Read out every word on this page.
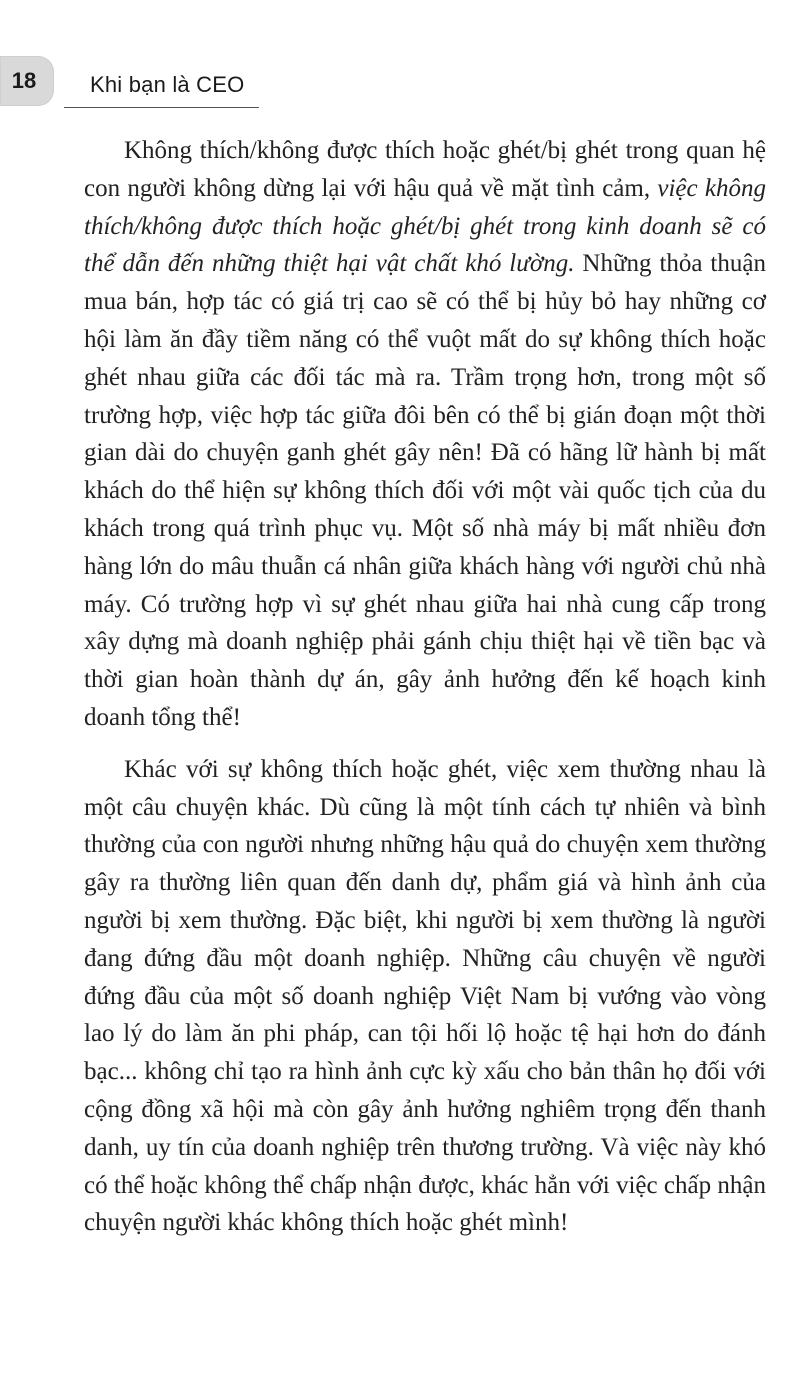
18	Khi bạn là CEO

Không thích/không được thích hoặc ghét/bị ghét trong quan hệ con người không dừng lại với hậu quả về mặt tình cảm, việc không thích/không được thích hoặc ghét/bị ghét trong kinh doanh sẽ có thể dẫn đến những thiệt hại vật chất khó lường. Những thỏa thuận mua bán, hợp tác có giá trị cao sẽ có thể bị hủy bỏ hay những cơ hội làm ăn đầy tiềm năng có thể vuột mất do sự không thích hoặc ghét nhau giữa các đối tác mà ra. Trầm trọng hơn, trong một số trường hợp, việc hợp tác giữa đôi bên có thể bị gián đoạn một thời gian dài do chuyện ganh ghét gây nên! Đã có hãng lữ hành bị mất khách do thể hiện sự không thích đối với một vài quốc tịch của du khách trong quá trình phục vụ. Một số nhà máy bị mất nhiều đơn hàng lớn do mâu thuẫn cá nhân giữa khách hàng với người chủ nhà máy. Có trường hợp vì sự ghét nhau giữa hai nhà cung cấp trong xây dựng mà doanh nghiệp phải gánh chịu thiệt hại về tiền bạc và thời gian hoàn thành dự án, gây ảnh hưởng đến kế hoạch kinh doanh tổng thể!

Khác với sự không thích hoặc ghét, việc xem thường nhau là một câu chuyện khác. Dù cũng là một tính cách tự nhiên và bình thường của con người nhưng những hậu quả do chuyện xem thường gây ra thường liên quan đến danh dự, phẩm giá và hình ảnh của người bị xem thường. Đặc biệt, khi người bị xem thường là người đang đứng đầu một doanh nghiệp. Những câu chuyện về người đứng đầu của một số doanh nghiệp Việt Nam bị vướng vào vòng lao lý do làm ăn phi pháp, can tội hối lộ hoặc tệ hại hơn do đánh bạc... không chỉ tạo ra hình ảnh cực kỳ xấu cho bản thân họ đối với cộng đồng xã hội mà còn gây ảnh hưởng nghiêm trọng đến thanh danh, uy tín của doanh nghiệp trên thương trường. Và việc này khó có thể hoặc không thể chấp nhận được, khác hẳn với việc chấp nhận chuyện người khác không thích hoặc ghét mình!
